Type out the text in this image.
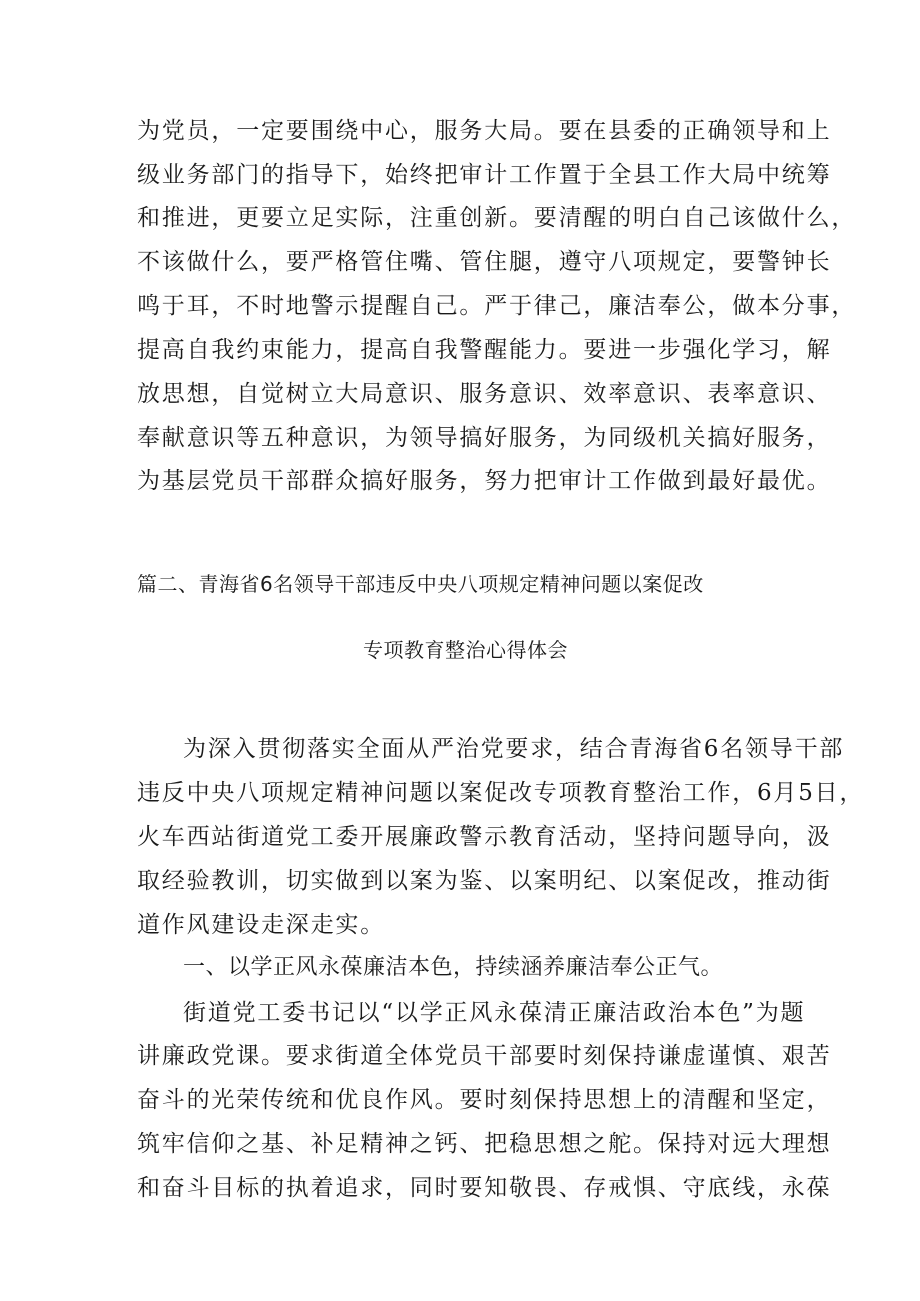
为党员，一定要围绕中心，服务大局。要在县委的正确领导和上

级业务部门的指导下，始终把审计工作置于全县工作大局中统筹

和推进，更要立足实际，注重创新。要清醒的明白自己该做什么，

不该做什么，要严格管住嘴、管住腿，遵守八项规定，要警钟长

鸣于耳，不时地警示提醒自己。严于律己，廉洁奉公，做本分事，

提高自我约束能力，提高自我警醒能力。要进一步强化学习，解

放思想，自觉树立大局意识、服务意识、效率意识、表率意识、

奉献意识等五种意识，为领导搞好服务，为同级机关搞好服务，

为基层党员干部群众搞好服务，努力把审计工作做到最好最优。

篇二、青海省6名领导干部违反中央八项规定精神问题以案促改
专项教育整治心得体会

为深入贯彻落实全面从严治党要求，结合青海省6名领导干部

违反中央八项规定精神问题以案促改专项教育整治工作，6月5日，

火车西站街道党工委开展廉政警示教育活动，坚持问题导向，汲

取经验教训，切实做到以案为鉴、以案明纪、以案促改，推动街

道作风建设走深走实。

一、以学正风永葆廉洁本色，持续涵养廉洁奉公正气。

街道党工委书记以“以学正风永葆清正廉洁政治本色”为题

讲廉政党课。要求街道全体党员干部要时刻保持谦虚谨慎、艰苦

奋斗的光荣传统和优良作风。要时刻保持思想上的清醒和坚定，

筑牢信仰之基、补足精神之钙、把稳思想之舵。保持对远大理想

和奋斗目标的执着追求，同时要知敬畏、存戒惧、守底线，永葆
